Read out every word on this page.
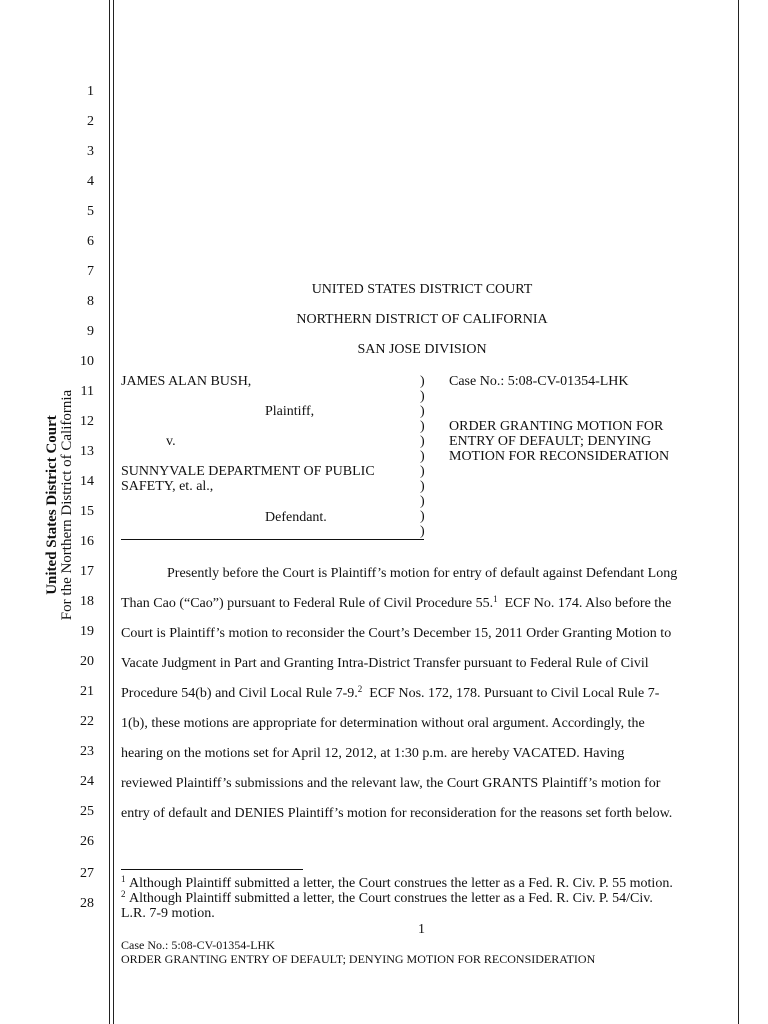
United States District Court For the Northern District of California
1
2
3
4
5
6
7
8
9
10
11
12
13
14
15
16
17
18
19
20
21
22
23
24
25
26
27
28
UNITED STATES DISTRICT COURT
NORTHERN DISTRICT OF CALIFORNIA
SAN JOSE DIVISION
JAMES ALAN BUSH,
Plaintiff,
v.
SUNNYVALE DEPARTMENT OF PUBLIC
SAFETY, et. al.,
Defendant.
)
)
)
)
)
)
)
)
)
)
)
Case No.: 5:08-CV-01354-LHK
ORDER GRANTING MOTION FOR
ENTRY OF DEFAULT; DENYING
MOTION FOR RECONSIDERATION
Presently before the Court is Plaintiff’s motion for entry of default against Defendant Long
Than Cao (“Cao”) pursuant to Federal Rule of Civil Procedure 55.$^1$ ECF No. 174. Also before the
Court is Plaintiff’s motion to reconsider the Court’s December 15, 2011 Order Granting Motion to
Vacate Judgment in Part and Granting Intra-District Transfer pursuant to Federal Rule of Civil
Procedure 54(b) and Civil Local Rule 7-9.$^2$ ECF Nos. 172, 178. Pursuant to Civil Local Rule 7-
1(b), these motions are appropriate for determination without oral argument. Accordingly, the
hearing on the motions set for April 12, 2012, at 1:30 p.m. are hereby VACATED. Having
reviewed Plaintiff’s submissions and the relevant law, the Court GRANTS Plaintiff’s motion for
entry of default and DENIES Plaintiff’s motion for reconsideration for the reasons set forth below.
$^1$ Although Plaintiff submitted a letter, the Court construes the letter as a Fed. R. Civ. P. 55 motion.
$^2$ Although Plaintiff submitted a letter, the Court construes the letter as a Fed. R. Civ. P. 54/Civ.
L.R. 7-9 motion.
1
Case No.: 5:08-CV-01354-LHK
ORDER GRANTING ENTRY OF DEFAULT; DENYING MOTION FOR RECONSIDERATION
